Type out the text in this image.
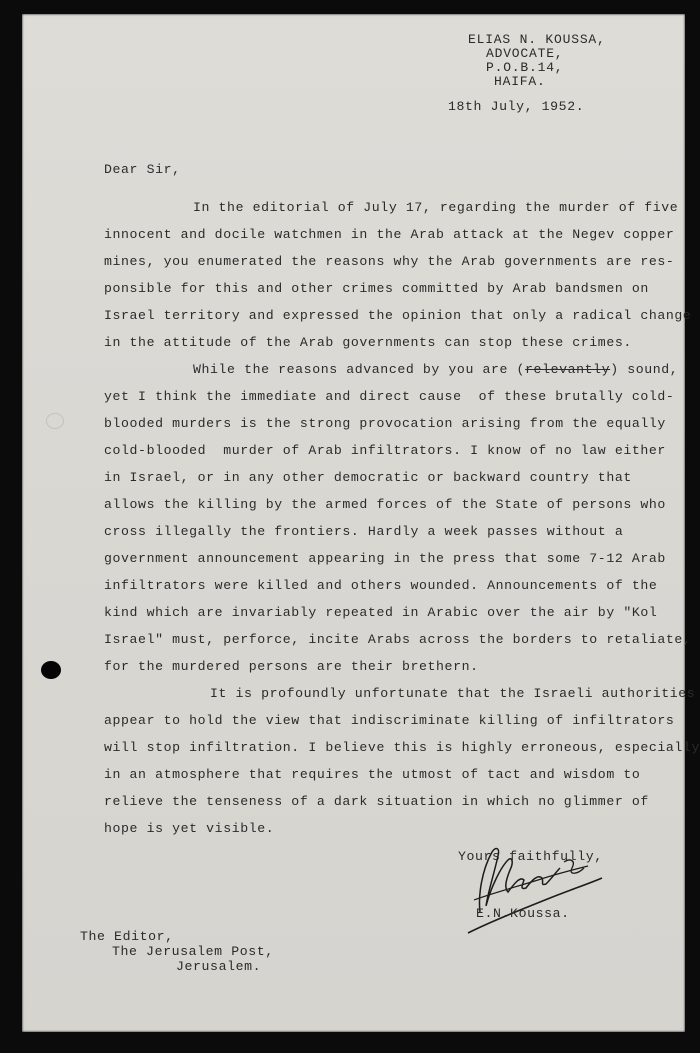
ELIAS N. KOUSSA,
ADVOCATE,
P.O.B.14,
HAIFA.
18th July, 1952.
Dear Sir,
In the editorial of July 17, regarding the murder of five
innocent and docile watchmen in the Arab attack at the Negev copper
mines, you enumerated the reasons why the Arab governments are res-
ponsible for this and other crimes committed by Arab bandsmen on
Israel territory and expressed the opinion that only a radical change
in the attitude of the Arab governments can stop these crimes.
While the reasons advanced by you are (relevantly) sound,
yet I think the immediate and direct cause  of these brutally cold-
blooded murders is the strong provocation arising from the equally
cold-blooded  murder of Arab infiltrators. I know of no law either
in Israel, or in any other democratic or backward country that
allows the killing by the armed forces of the State of persons who
cross illegally the frontiers. Hardly a week passes without a
government announcement appearing in the press that some 7-12 Arab
infiltrators were killed and others wounded. Announcements of the
kind which are invariably repeated in Arabic over the air by "Kol
Israel" must, perforce, incite Arabs across the borders to retaliate,
for the murdered persons are their brethern.
It is profoundly unfortunate that the Israeli authorities
appear to hold the view that indiscriminate killing of infiltrators
will stop infiltration. I believe this is highly erroneous, especially
in an atmosphere that requires the utmost of tact and wisdom to
relieve the tenseness of a dark situation in which no glimmer of
hope is yet visible.
Yours faithfully,
E.N.Koussa.
The Editor,
The Jerusalem Post,
Jerusalem.
